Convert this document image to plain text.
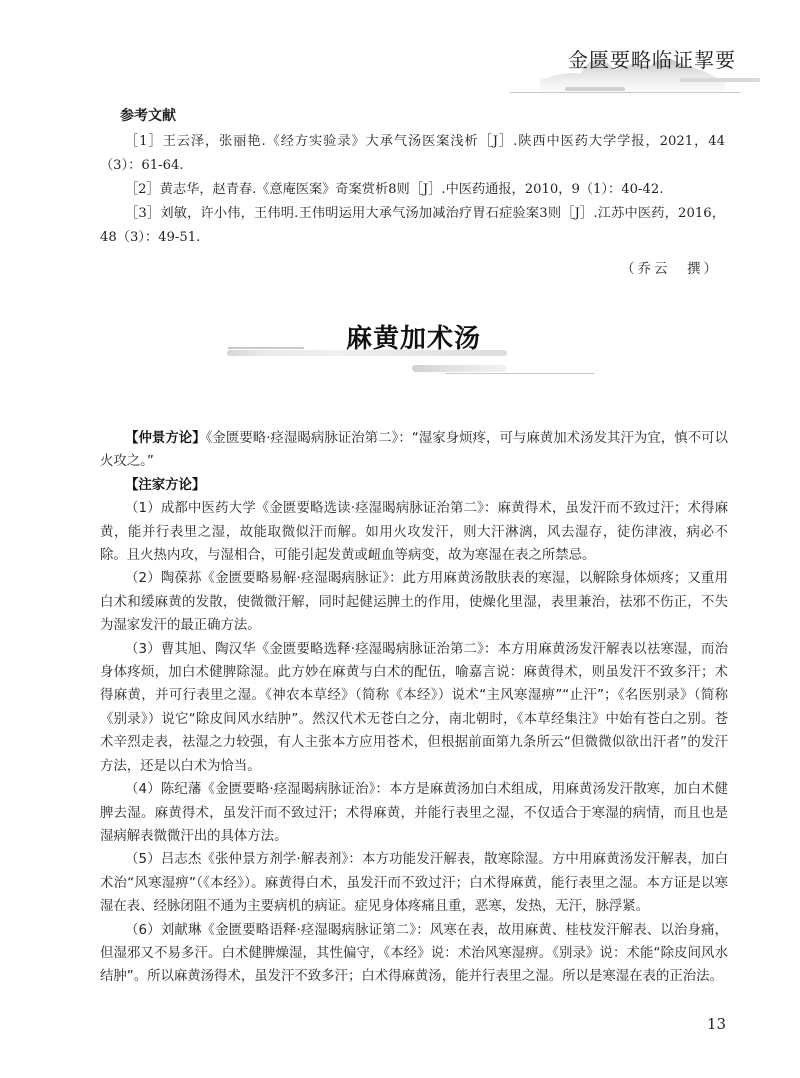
金匮要略临证挈要
参考文献

［1］王云泽，张丽艳.《经方实验录》大承气汤医案浅析［J］.陕西中医药大学学报，2021，44（3）：61-64.

［2］黄志华，赵青春.《意庵医案》奇案赏析8则［J］.中医药通报，2010，9（1）：40-42.

［3］刘敏，许小伟，王伟明.王伟明运用大承气汤加减治疗胃石症验案3则［J］.江苏中医药，2016，48（3）：49-51.

（乔云　撰）
麻黄加术汤

【仲景方论】《金匮要略·痉湿暍病脉证治第二》：“湿家身烦疼，可与麻黄加术汤发其汗为宜，慎不可以火攻之。”

【注家方论】

（1）成都中医药大学《金匮要略选读·痉湿暍病脉证治第二》：麻黄得术，虽发汗而不致过汗；术得麻黄，能并行表里之湿，故能取微似汗而解。如用火攻发汗，则大汗淋漓，风去湿存，徒伤津液，病必不除。且火热内攻，与湿相合，可能引起发黄或衄血等病变，故为寒湿在表之所禁忌。

（2）陶葆荪《金匮要略易解·痉湿暍病脉证》：此方用麻黄汤散肤表的寒湿，以解除身体烦疼；又重用白术和缓麻黄的发散，使微微汗解，同时起健运脾土的作用，使燥化里湿，表里兼治，祛邪不伤正，不失为湿家发汗的最正确方法。

（3）曹其旭、陶汉华《金匮要略选释·痉湿暍病脉证治第二》：本方用麻黄汤发汗解表以祛寒湿，而治身体疼烦，加白术健脾除湿。此方妙在麻黄与白术的配伍，喻嘉言说：麻黄得术，则虽发汗不致多汗；术得麻黄，并可行表里之湿。《神农本草经》（简称《本经》）说术“主风寒湿痹”“止汗”；《名医别录》（简称《别录》）说它“除皮间风水结肿”。然汉代术无苍白之分，南北朝时，《本草经集注》中始有苍白之别。苍术辛烈走表，祛湿之力较强，有人主张本方应用苍术，但根据前面第九条所云“但微微似欲出汗者”的发汗方法，还是以白术为恰当。

（4）陈纪藩《金匮要略·痉湿暍病脉证治》：本方是麻黄汤加白术组成，用麻黄汤发汗散寒，加白术健脾去湿。麻黄得术，虽发汗而不致过汗；术得麻黄，并能行表里之湿，不仅适合于寒湿的病情，而且也是湿病解表微微汗出的具体方法。

（5）吕志杰《张仲景方剂学·解表剂》：本方功能发汗解表，散寒除湿。方中用麻黄汤发汗解表，加白术治“风寒湿痹”（《本经》）。麻黄得白术，虽发汗而不致过汗；白术得麻黄，能行表里之湿。本方证是以寒湿在表、经脉闭阻不通为主要病机的病证。症见身体疼痛且重，恶寒，发热，无汗，脉浮紧。

（6）刘献琳《金匮要略语释·痉湿暍病脉证第二》：风寒在表，故用麻黄、桂枝发汗解表、以治身痛，但湿邪又不易多汗。白术健脾燥湿，其性偏守，《本经》说：术治风寒湿痹。《别录》说：术能“除皮间风水结肿”。所以麻黄汤得术，虽发汗不致多汗；白术得麻黄汤，能并行表里之湿。所以是寒湿在表的正治法。

13
